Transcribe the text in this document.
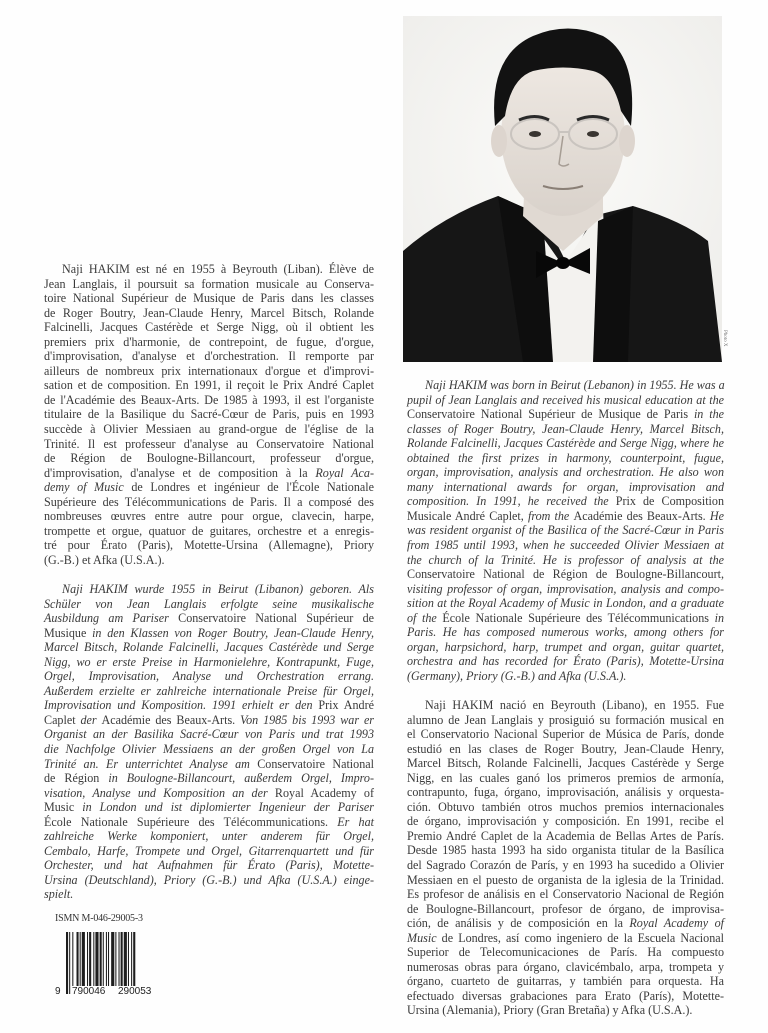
Photo X
Naji HAKIM est né en 1955 à Beyrouth (Liban). Élève de
Jean Langlais, il poursuit sa formation musicale au Conserva-
toire National Supérieur de Musique de Paris dans les classes
de Roger Boutry, Jean-Claude Henry, Marcel Bitsch, Rolande
Falcinelli, Jacques Castérède et Serge Nigg, où il obtient les
premiers prix d'harmonie, de contrepoint, de fugue, d'orgue,
d'improvisation, d'analyse et d'orchestration. Il remporte par
ailleurs de nombreux prix internationaux d'orgue et d'improvi-
sation et de composition. En 1991, il reçoit le Prix André Caplet
de l'Académie des Beaux-Arts. De 1985 à 1993, il est l'organiste
titulaire de la Basilique du Sacré-Cœur de Paris, puis en 1993
succède à Olivier Messiaen au grand-orgue de l'église de la
Trinité. Il est professeur d'analyse au Conservatoire National
de Région de Boulogne-Billancourt, professeur d'orgue,
d'improvisation, d'analyse et de composition à la Royal Aca-
demy of Music de Londres et ingénieur de l'École Nationale
Supérieure des Télécommunications de Paris. Il a composé des
nombreuses œuvres entre autre pour orgue, clavecin, harpe,
trompette et orgue, quatuor de guitares, orchestre et a enregis-
tré pour Érato (Paris), Motette-Ursina (Allemagne), Priory
(G.-B.) et Afka (U.S.A.).
Naji HAKIM wurde 1955 in Beirut (Libanon) geboren. Als
Schüler von Jean Langlais erfolgte seine musikalische
Ausbildung am Pariser Conservatoire National Supérieur de
Musique in den Klassen von Roger Boutry, Jean-Claude Henry,
Marcel Bitsch, Rolande Falcinelli, Jacques Castérède und Serge
Nigg, wo er erste Preise in Harmonielehre, Kontrapunkt, Fuge,
Orgel, Improvisation, Analyse und Orchestration errang.
Außerdem erzielte er zahlreiche internationale Preise für Orgel,
Improvisation und Komposition. 1991 erhielt er den Prix André
Caplet der Académie des Beaux-Arts. Von 1985 bis 1993 war er
Organist an der Basilika Sacré-Cœur von Paris und trat 1993
die Nachfolge Olivier Messiaens an der großen Orgel von La
Trinité an. Er unterrichtet Analyse am Conservatoire National
de Région in Boulogne-Billancourt, außerdem Orgel, Impro-
visation, Analyse und Komposition an der Royal Academy of
Music in London und ist diplomierter Ingenieur der Pariser
École Nationale Supérieure des Télécommunications. Er hat
zahlreiche Werke komponiert, unter anderem für Orgel,
Cembalo, Harfe, Trompete und Orgel, Gitarrenquartett und für
Orchester, und hat Aufnahmen für Érato (Paris), Motette-
Ursina (Deutschland), Priory (G.-B.) und Afka (U.S.A.) einge-
spielt.
Naji HAKIM was born in Beirut (Lebanon) in 1955. He was a
pupil of Jean Langlais and received his musical education at the
Conservatoire National Supérieur de Musique de Paris in the
classes of Roger Boutry, Jean-Claude Henry, Marcel Bitsch,
Rolande Falcinelli, Jacques Castérède and Serge Nigg, where he
obtained the first prizes in harmony, counterpoint, fugue,
organ, improvisation, analysis and orchestration. He also won
many international awards for organ, improvisation and
composition. In 1991, he received the Prix de Composition
Musicale André Caplet, from the Académie des Beaux-Arts. He
was resident organist of the Basilica of the Sacré-Cœur in Paris
from 1985 until 1993, when he succeeded Olivier Messiaen at
the church of la Trinité. He is professor of analysis at the
Conservatoire National de Région de Boulogne-Billancourt,
visiting professor of organ, improvisation, analysis and compo-
sition at the Royal Academy of Music in London, and a graduate
of the École Nationale Supérieure des Télécommunications in
Paris. He has composed numerous works, among others for
organ, harpsichord, harp, trumpet and organ, guitar quartet,
orchestra and has recorded for Érato (Paris), Motette-Ursina
(Germany), Priory (G.-B.) and Afka (U.S.A.).
Naji HAKIM nació en Beyrouth (Libano), en 1955. Fue
alumno de Jean Langlais y prosiguió su formación musical en
el Conservatorio Nacional Superior de Música de París, donde
estudió en las clases de Roger Boutry, Jean-Claude Henry,
Marcel Bitsch, Rolande Falcinelli, Jacques Castérède y Serge
Nigg, en las cuales ganó los primeros premios de armonía,
contrapunto, fuga, órgano, improvisación, análisis y orquesta-
ción. Obtuvo también otros muchos premios internacionales
de órgano, improvisación y composición. En 1991, recibe el
Premio André Caplet de la Academia de Bellas Artes de París.
Desde 1985 hasta 1993 ha sido organista titular de la Basílica
del Sagrado Corazón de París, y en 1993 ha sucedido a Olivier
Messiaen en el puesto de organista de la iglesia de la Trinidad.
Es profesor de análisis en el Conservatorio Nacional de Región
de Boulogne-Billancourt, profesor de órgano, de improvisa-
ción, de análisis y de composición en la Royal Academy of
Music de Londres, así como ingeniero de la Escuela Nacional
Superior de Telecomunicaciones de París. Ha compuesto
numerosas obras para órgano, clavicémbalo, arpa, trompeta y
órgano, cuarteto de guitarras, y también para orquesta. Ha
efectuado diversas grabaciones para Erato (París), Motette-
Ursina (Alemania), Priory (Gran Bretaña) y Afka (U.S.A.).
ISMN M-046-29005-3
9 790046 290053
